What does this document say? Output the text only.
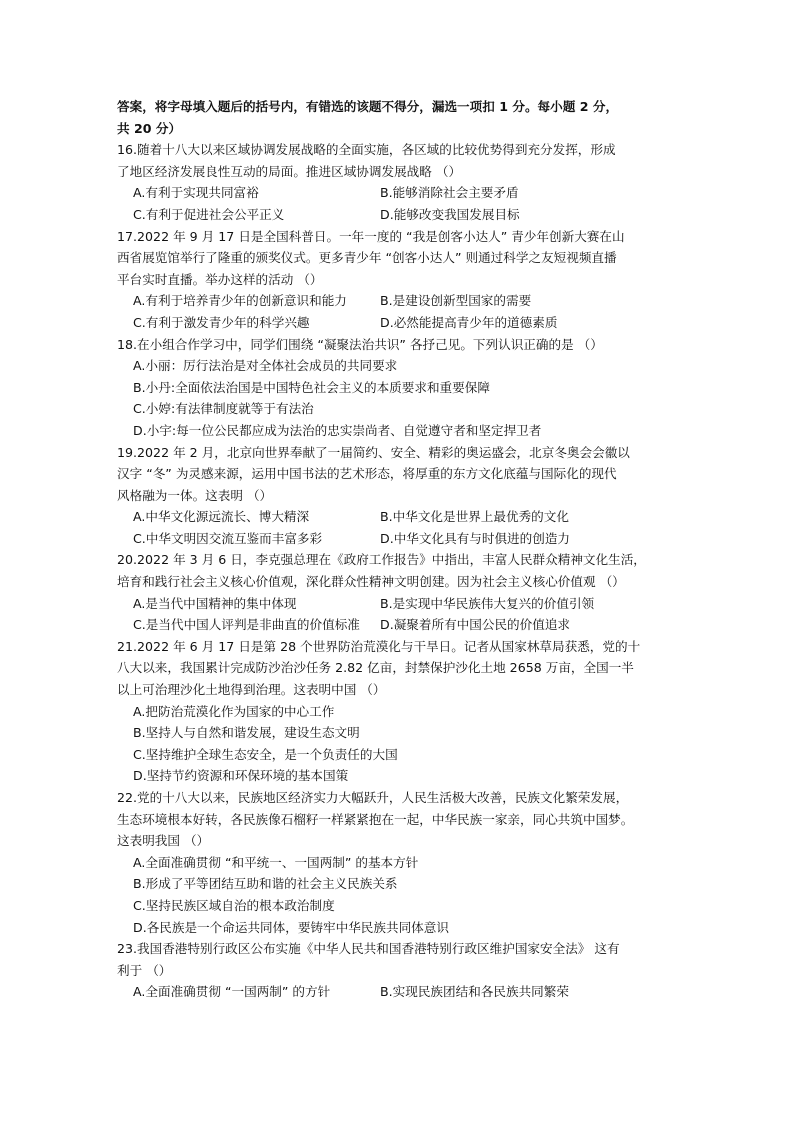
答案，将字母填入题后的括号内，有错选的该题不得分，漏选一项扣 1 分。每小题 2 分，
共 20 分）
16.随着十八大以来区域协调发展战略的全面实施，各区域的比较优势得到充分发挥，形成
了地区经济发展良性互动的局面。推进区域协调发展战略 （）
A.有利于实现共同富裕	B.能够消除社会主要矛盾
C.有利于促进社会公平正义	D.能够改变我国发展目标
17.2022 年 9 月 17 日是全国科普日。一年一度的 “我是创客小达人” 青少年创新大赛在山
西省展览馆举行了隆重的颁奖仪式。更多青少年 “创客小达人” 则通过科学之友短视频直播
平台实时直播。举办这样的活动 （）
A.有利于培养青少年的创新意识和能力	B.是建设创新型国家的需要
C.有利于激发青少年的科学兴趣	D.必然能提高青少年的道德素质
18.在小组合作学习中，同学们围绕 “凝聚法治共识” 各抒己见。下列认识正确的是 （）
A.小丽：厉行法治是对全体社会成员的共同要求
B.小丹:全面依法治国是中国特色社会主义的本质要求和重要保障
C.小婷:有法律制度就等于有法治
D.小宇:每一位公民都应成为法治的忠实崇尚者、自觉遵守者和坚定捍卫者
19.2022 年 2 月，北京向世界奉献了一届简约、安全、精彩的奥运盛会，北京冬奥会会徽以
汉字 “冬” 为灵感来源，运用中国书法的艺术形态，将厚重的东方文化底蕴与国际化的现代
风格融为一体。这表明 （）
A.中华文化源远流长、博大精深	B.中华文化是世界上最优秀的文化
C.中华文明因交流互鉴而丰富多彩	D.中华文化具有与时俱进的创造力
20.2022 年 3 月 6 日，李克强总理在《政府工作报告》中指出，丰富人民群众精神文化生活，
培育和践行社会主义核心价值观，深化群众性精神文明创建。因为社会主义核心价值观 （）
A.是当代中国精神的集中体现	B.是实现中华民族伟大复兴的价值引领
C.是当代中国人评判是非曲直的价值标准 D.凝聚着所有中国公民的价值追求
21.2022 年 6 月 17 日是第 28 个世界防治荒漠化与干旱日。记者从国家林草局获悉，党的十
八大以来，我国累计完成防沙治沙任务 2.82 亿亩，封禁保护沙化土地 2658 万亩，全国一半
以上可治理沙化土地得到治理。这表明中国 （）
A.把防治荒漠化作为国家的中心工作
B.坚持人与自然和谐发展，建设生态文明
C.坚持维护全球生态安全，是一个负责任的大国
D.坚持节约资源和环保环境的基本国策
22.党的十八大以来，民族地区经济实力大幅跃升，人民生活极大改善，民族文化繁荣发展，
生态环境根本好转，各民族像石榴籽一样紧紧抱在一起，中华民族一家亲，同心共筑中国梦。
这表明我国 （）
A.全面准确贯彻 “和平统一、一国两制” 的基本方针
B.形成了平等团结互助和谐的社会主义民族关系
C.坚持民族区域自治的根本政治制度
D.各民族是一个命运共同体，要铸牢中华民族共同体意识
23.我国香港特别行政区公布实施《中华人民共和国香港特别行政区维护国家安全法》 这有
利于 （）
A.全面准确贯彻 “一国两制” 的方针	B.实现民族团结和各民族共同繁荣
